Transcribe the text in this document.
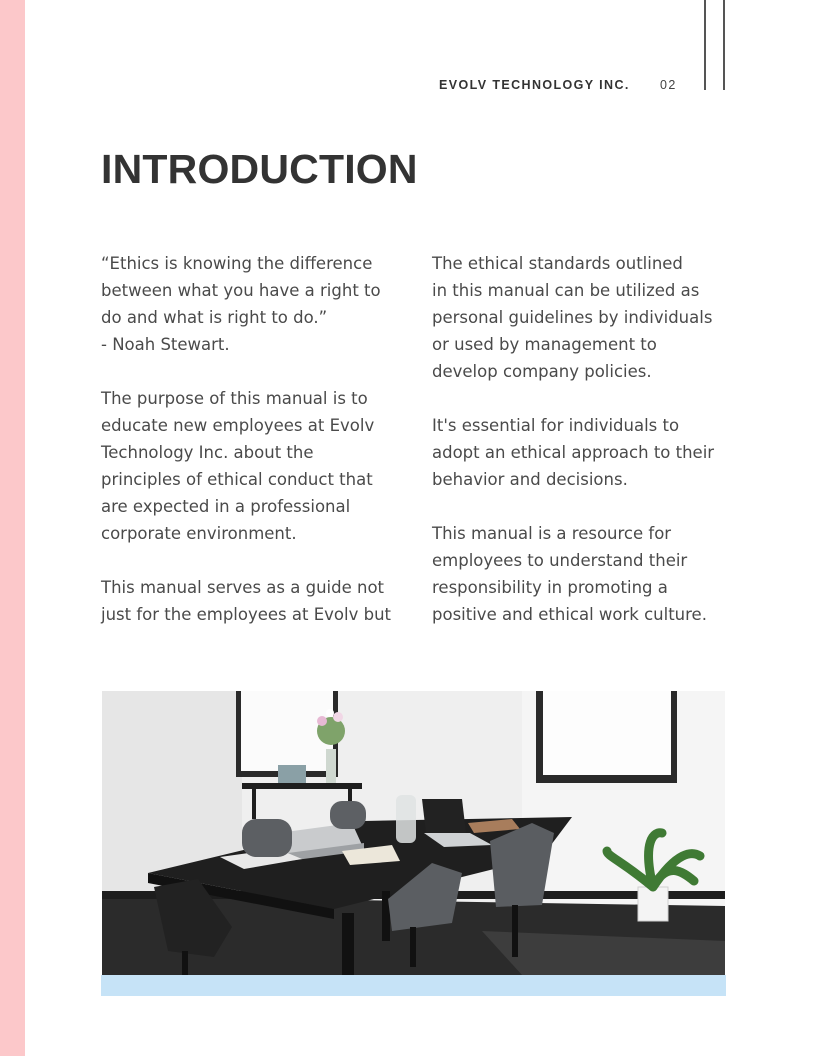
EVOLV TECHNOLOGY INC. 02
INTRODUCTION

“Ethics is knowing the difference
between what you have a right to
do and what is right to do.”
- Noah Stewart.

The purpose of this manual is to
educate new employees at Evolv
Technology Inc. about the
principles of ethical conduct that
are expected in a professional
corporate environment.

This manual serves as a guide not
just for the employees at Evolv but

The ethical standards outlined
in this manual can be utilized as
personal guidelines by individuals
or used by management to
develop company policies.

It's essential for individuals to
adopt an ethical approach to their
behavior and decisions.

This manual is a resource for
employees to understand their
responsibility in promoting a
positive and ethical work culture.
